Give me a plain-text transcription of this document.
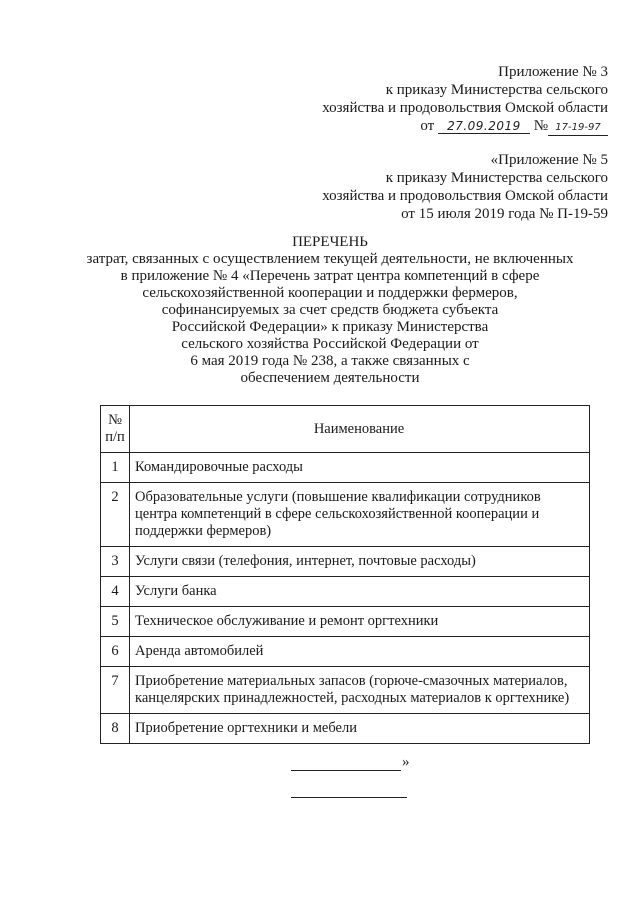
Приложение № 3
к приказу Министерства сельского
хозяйства и продовольствия Омской области
от 27.09.2019 № 17-19-97
«Приложение № 5
к приказу Министерства сельского
хозяйства и продовольствия Омской области
от 15 июля 2019 года № П-19-59
ПЕРЕЧЕНЬ
затрат, связанных с осуществлением текущей деятельности, не включенных
в приложение № 4 «Перечень затрат центра компетенций в сфере
сельскохозяйственной кооперации и поддержки фермеров,
софинансируемых за счет средств бюджета субъекта
Российской Федерации» к приказу Министерства
сельского хозяйства Российской Федерации от
6 мая 2019 года № 238, а также связанных с
обеспечением деятельности
№
п/п	Наименование
1	Командировочные расходы
2	Образовательные услуги (повышение квалификации сотрудников центра компетенций в сфере сельскохозяйственной кооперации и поддержки фермеров)
3	Услуги связи (телефония, интернет, почтовые расходы)
4	Услуги банка
5	Техническое обслуживание и ремонт оргтехники
6	Аренда автомобилей
7	Приобретение материальных запасов (горюче-смазочных материалов, канцелярских принадлежностей, расходных материалов к оргтехнике)
8	Приобретение оргтехники и мебели
»
